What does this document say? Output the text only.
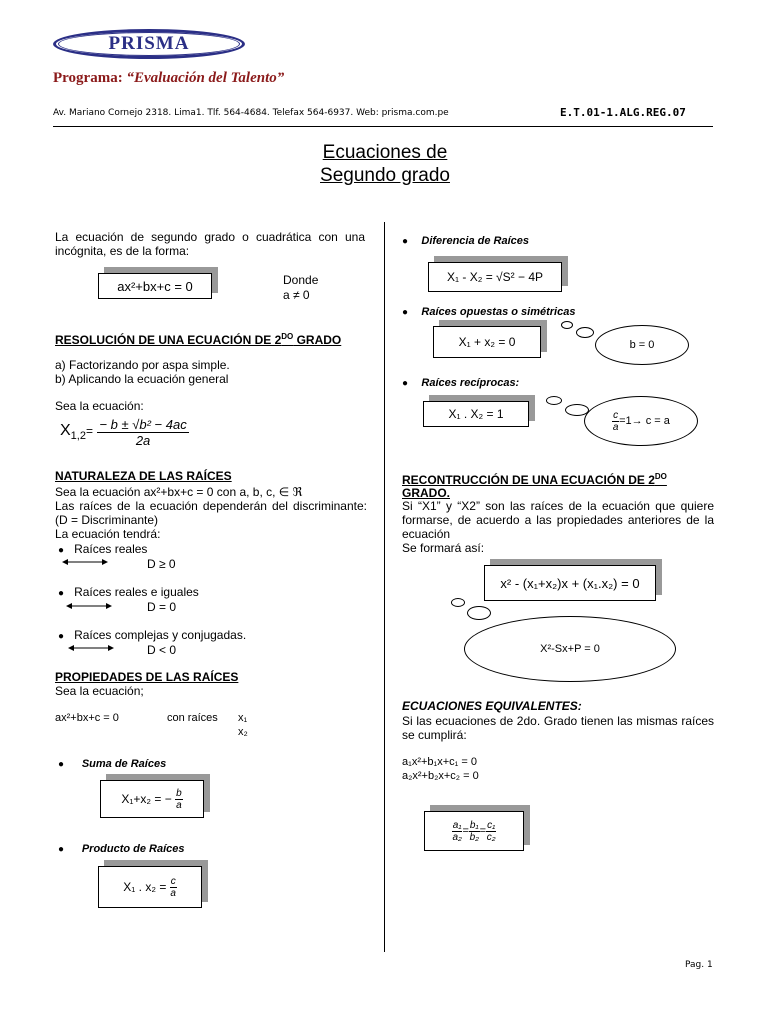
PRISMA
Programa: “Evaluación del Talento”
Av. Mariano Cornejo 2318. Lima1. Tlf. 564-4684. Telefax 564-6937. Web: prisma.com.pe	E.T.01-1.ALG.REG.07
Ecuaciones de
Segundo grado
La ecuación de segundo grado o cuadrática con una incógnita, es de la forma:
ax²+bx+c = 0	Donde
a ≠ 0
RESOLUCIÓN DE UNA ECUACIÓN DE $2^{DO}$ GRADO
a) Factorizando por aspa simple.
b) Aplicando la ecuación general
Sea la ecuación:
$X_{1,2}= \frac{\text{− b ± √b² − 4ac}}{2a}$
NATURALEZA DE LAS RAÍCES
Sea la ecuación ax²+bx+c = 0 con a, b, c, ∈ ℜ
Las raíces de la ecuación dependerán del discriminante: (D = Discriminante)
La ecuación tendrá:
● Raíces reales
D ≥ 0
● Raíces reales e iguales
D = 0
● Raíces complejas y conjugadas.
D < 0
PROPIEDADES DE LAS RAÍCES
Sea la ecuación;
ax²+bx+c = 0	con raíces x₁
x₂
● Suma de Raíces
X₁+x₂ = −
$\frac{b}{a}$
● Producto de Raíces
X₁ . x₂ =
$\frac{c}{a}$
● Diferencia de Raíces
X₁ - X₂ = √S² − 4P
● Raíces opuestas o simétricas
X₁ + x₂ = 0	b = 0
● Raíces recíprocas:
X₁ . X₂ = 1	$\frac{c}{a} =1\to c = a$
RECONTRUCCIÓN DE UNA ECUACIÓN DE $2^{DO}$
GRADO.
Si “X1” y “X2” son las raíces de la ecuación que quiere formarse, de acuerdo a las propiedades anteriores de la ecuación
Se formará así:
x² - (x₁+x₂)x + (x₁.x₂) = 0
X²-Sx+P = 0
ECUACIONES EQUIVALENTES:
Si las ecuaciones de 2do. Grado tienen las mismas raíces se cumplirá:
a₁x²+b₁x+c₁ = 0
a₂x²+b₂x+c₂ = 0
$\frac{\text{a₁}}{\text{a₂}} = \frac{\text{b₁}}{\text{b₂}} = \frac{\text{c₁}}{\text{c₂}}$
Pag. 1
